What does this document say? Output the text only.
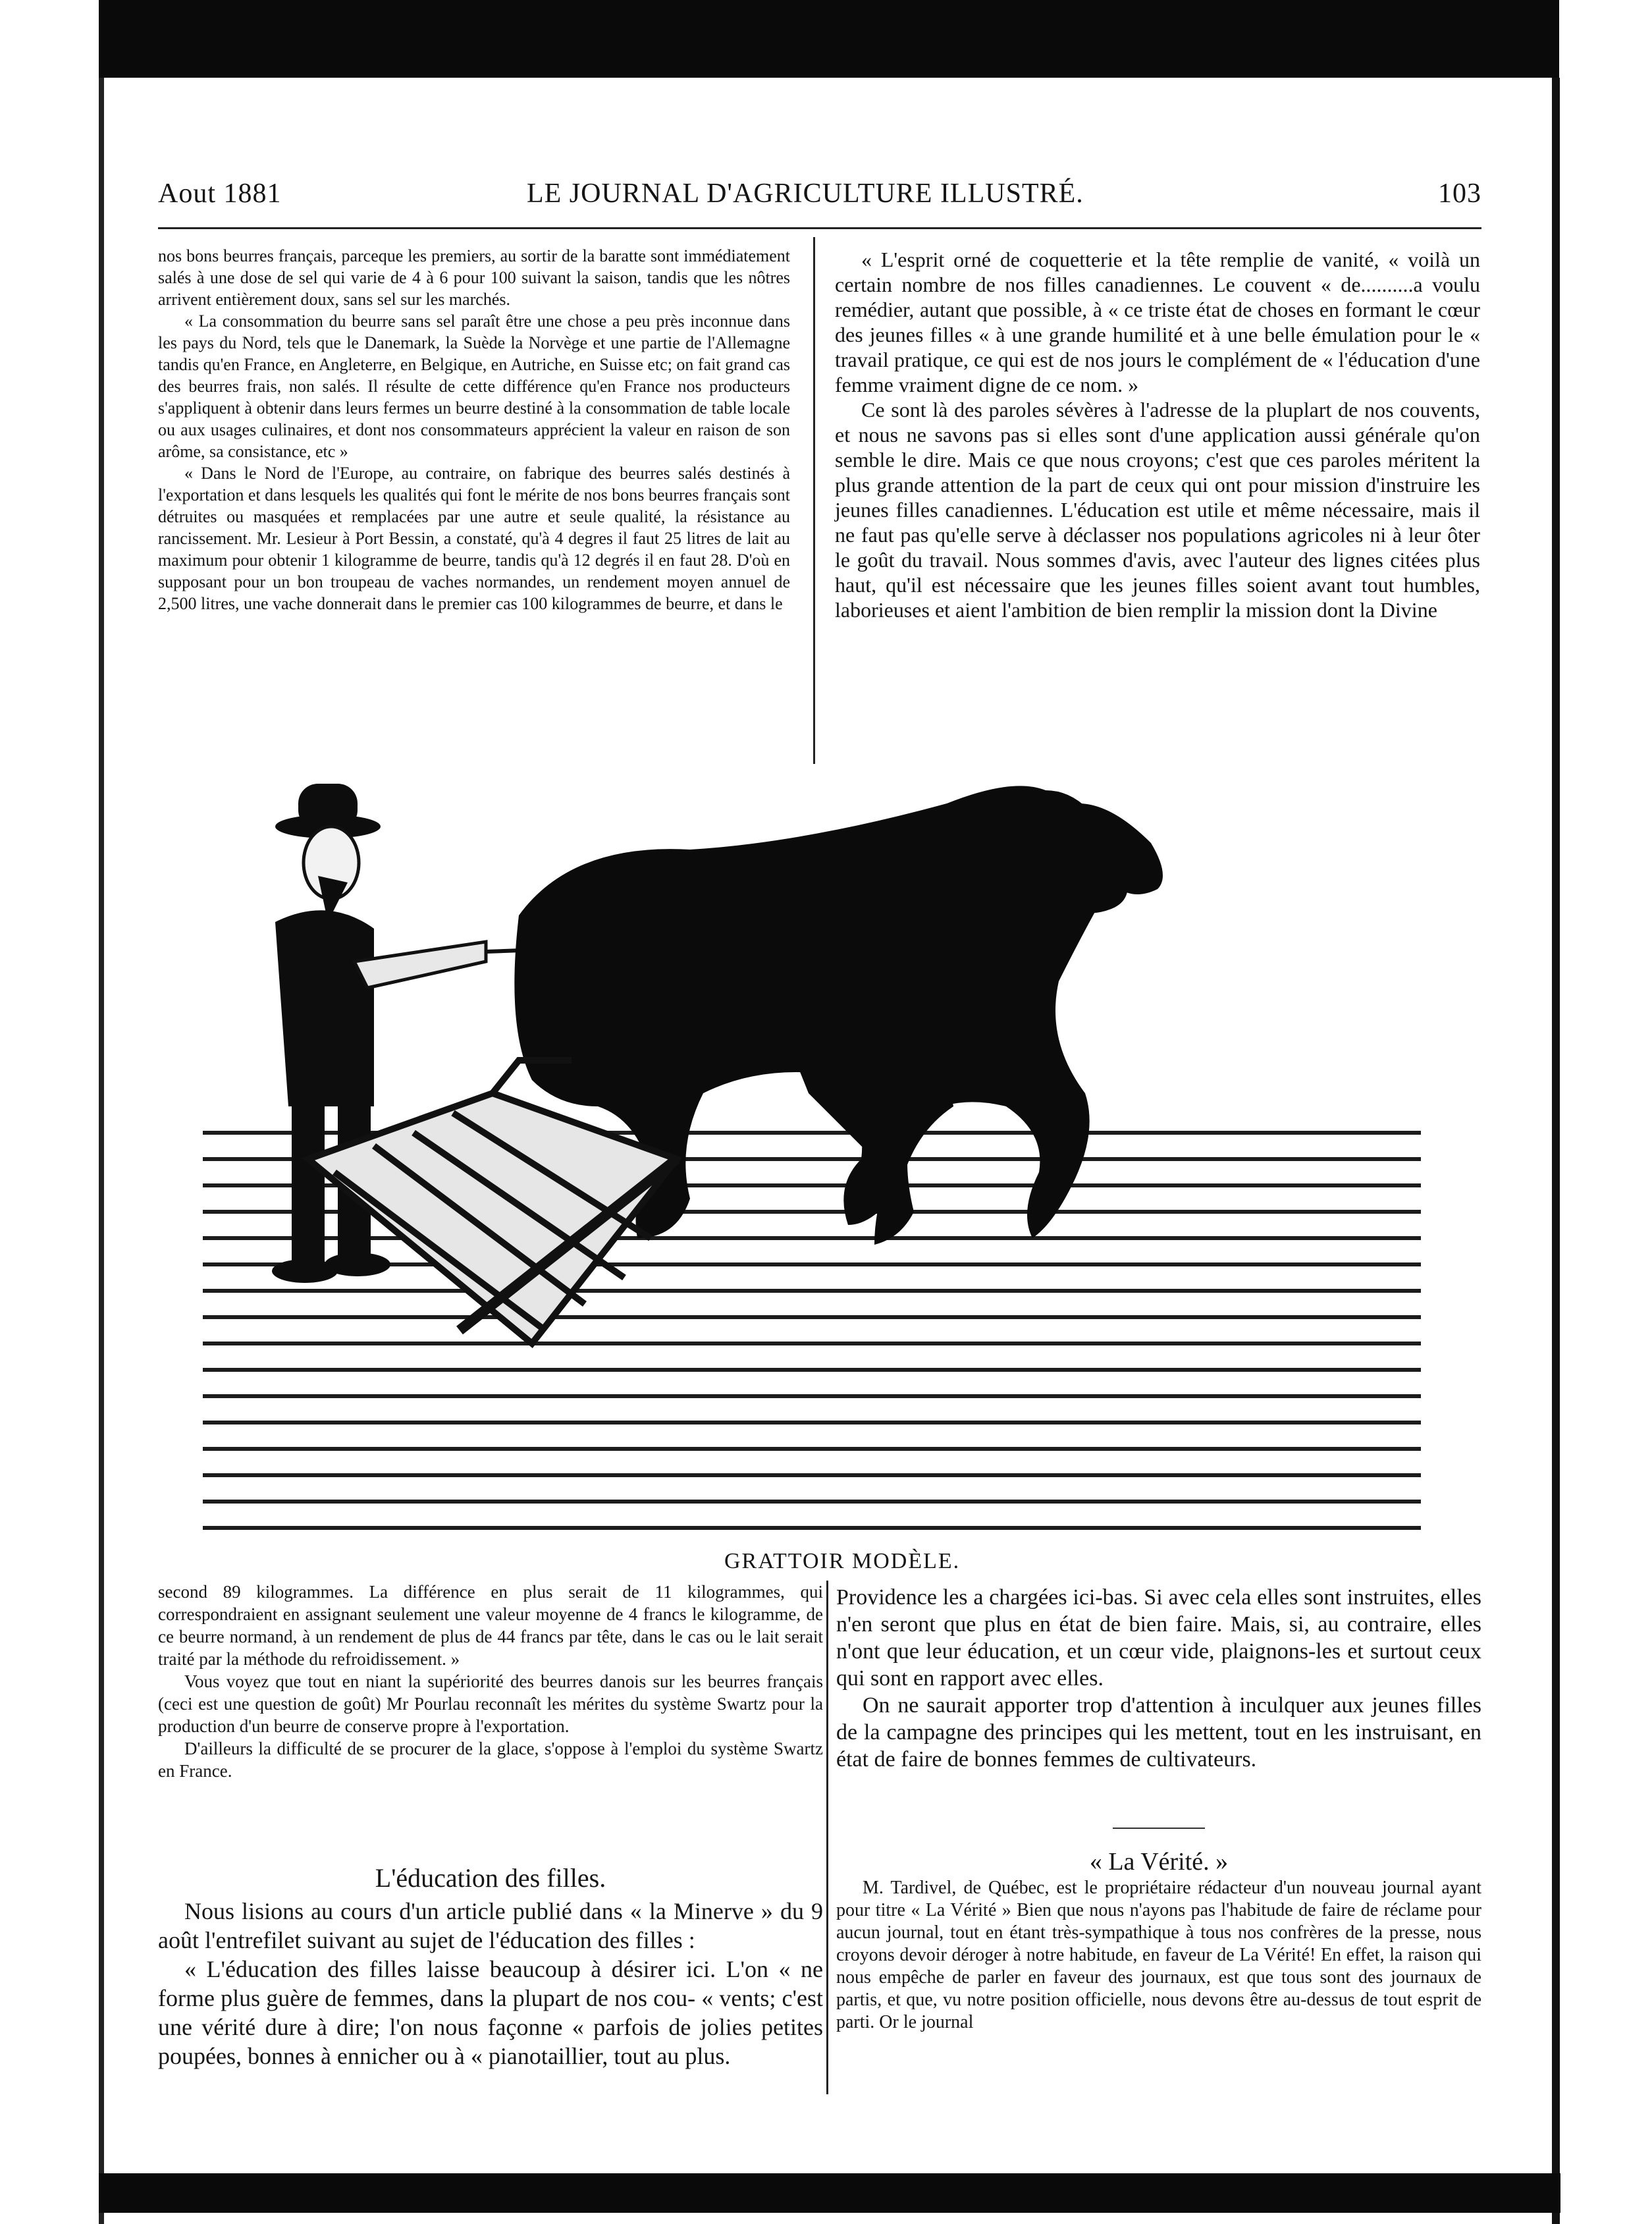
Aout 1881	LE JOURNAL D'AGRICULTURE ILLUSTRÉ.	103

nos bons beurres français, parceque les premiers, au sortir de la baratte sont immédiatement salés à une dose de sel qui varie de 4 à 6 pour 100 suivant la saison, tandis que les nôtres arrivent entièrement doux, sans sel sur les marchés.

« La consommation du beurre sans sel paraît être une chose a peu près inconnue dans les pays du Nord, tels que le Danemark, la Suède la Norvège et une partie de l'Allemagne tandis qu'en France, en Angleterre, en Belgique, en Autriche, en Suisse etc; on fait grand cas des beurres frais, non salés. Il résulte de cette différence qu'en France nos producteurs s'appliquent à obtenir dans leurs fermes un beurre destiné à la consommation de table locale ou aux usages culinaires, et dont nos consommateurs apprécient la valeur en raison de son arôme, sa consistance, etc »

« Dans le Nord de l'Europe, au contraire, on fabrique des beurres salés destinés à l'exportation et dans lesquels les qualités qui font le mérite de nos bons beurres français sont détruites ou masquées et remplacées par une autre et seule qualité, la résistance au rancissement. Mr. Lesieur à Port Bessin, a constaté, qu'à 4 degres il faut 25 litres de lait au maximum pour obtenir 1 kilogramme de beurre, tandis qu'à 12 degrés il en faut 28. D'où en supposant pour un bon troupeau de vaches normandes, un rendement moyen annuel de 2,500 litres, une vache donnerait dans le premier cas 100 kilogrammes de beurre, et dans le

« L'esprit orné de coquetterie et la tête remplie de vanité, « voilà un certain nombre de nos filles canadiennes. Le couvent « de..........a voulu remédier, autant que possible, à « ce triste état de choses en formant le cœur des jeunes filles « à une grande humilité et à une belle émulation pour le « travail pratique, ce qui est de nos jours le complément de « l'éducation d'une femme vraiment digne de ce nom. »

Ce sont là des paroles sévères à l'adresse de la pluplart de nos couvents, et nous ne savons pas si elles sont d'une application aussi générale qu'on semble le dire. Mais ce que nous croyons; c'est que ces paroles méritent la plus grande attention de la part de ceux qui ont pour mission d'instruire les jeunes filles canadiennes. L'éducation est utile et même nécessaire, mais il ne faut pas qu'elle serve à déclasser nos populations agricoles ni à leur ôter le goût du travail. Nous sommes d'avis, avec l'auteur des lignes citées plus haut, qu'il est nécessaire que les jeunes filles soient avant tout humbles, laborieuses et aient l'ambition de bien remplir la mission dont la Divine

GRATTOIR MODÈLE.

second 89 kilogrammes. La différence en plus serait de 11 kilogrammes, qui correspondraient en assignant seulement une valeur moyenne de 4 francs le kilogramme, de ce beurre normand, à un rendement de plus de 44 francs par tête, dans le cas ou le lait serait traité par la méthode du refroidissement. »

Vous voyez que tout en niant la supériorité des beurres danois sur les beurres français (ceci est une question de goût) Mr Pourlau reconnaît les mérites du système Swartz pour la production d'un beurre de conserve propre à l'exportation.

D'ailleurs la difficulté de se procurer de la glace, s'oppose à l'emploi du système Swartz en France.

L'éducation des filles.

Nous lisions au cours d'un article publié dans « la Minerve » du 9 août l'entrefilet suivant au sujet de l'éducation des filles :

« L'éducation des filles laisse beaucoup à désirer ici. L'on « ne forme plus guère de femmes, dans la plupart de nos cou- « vents; c'est une vérité dure à dire; l'on nous façonne « parfois de jolies petites poupées, bonnes à ennicher ou à « pianotaillier, tout au plus.

Providence les a chargées ici-bas. Si avec cela elles sont instruites, elles n'en seront que plus en état de bien faire. Mais, si, au contraire, elles n'ont que leur éducation, et un cœur vide, plaignons-les et surtout ceux qui sont en rapport avec elles.

On ne saurait apporter trop d'attention à inculquer aux jeunes filles de la campagne des principes qui les mettent, tout en les instruisant, en état de faire de bonnes femmes de cultivateurs.

« La Vérité. »

M. Tardivel, de Québec, est le propriétaire rédacteur d'un nouveau journal ayant pour titre « La Vérité » Bien que nous n'ayons pas l'habitude de faire de réclame pour aucun journal, tout en étant très-sympathique à tous nos confrères de la presse, nous croyons devoir déroger à notre habitude, en faveur de La Vérité! En effet, la raison qui nous empêche de parler en faveur des journaux, est que tous sont des journaux de partis, et que, vu notre position officielle, nous devons être au-dessus de tout esprit de parti. Or le journal
